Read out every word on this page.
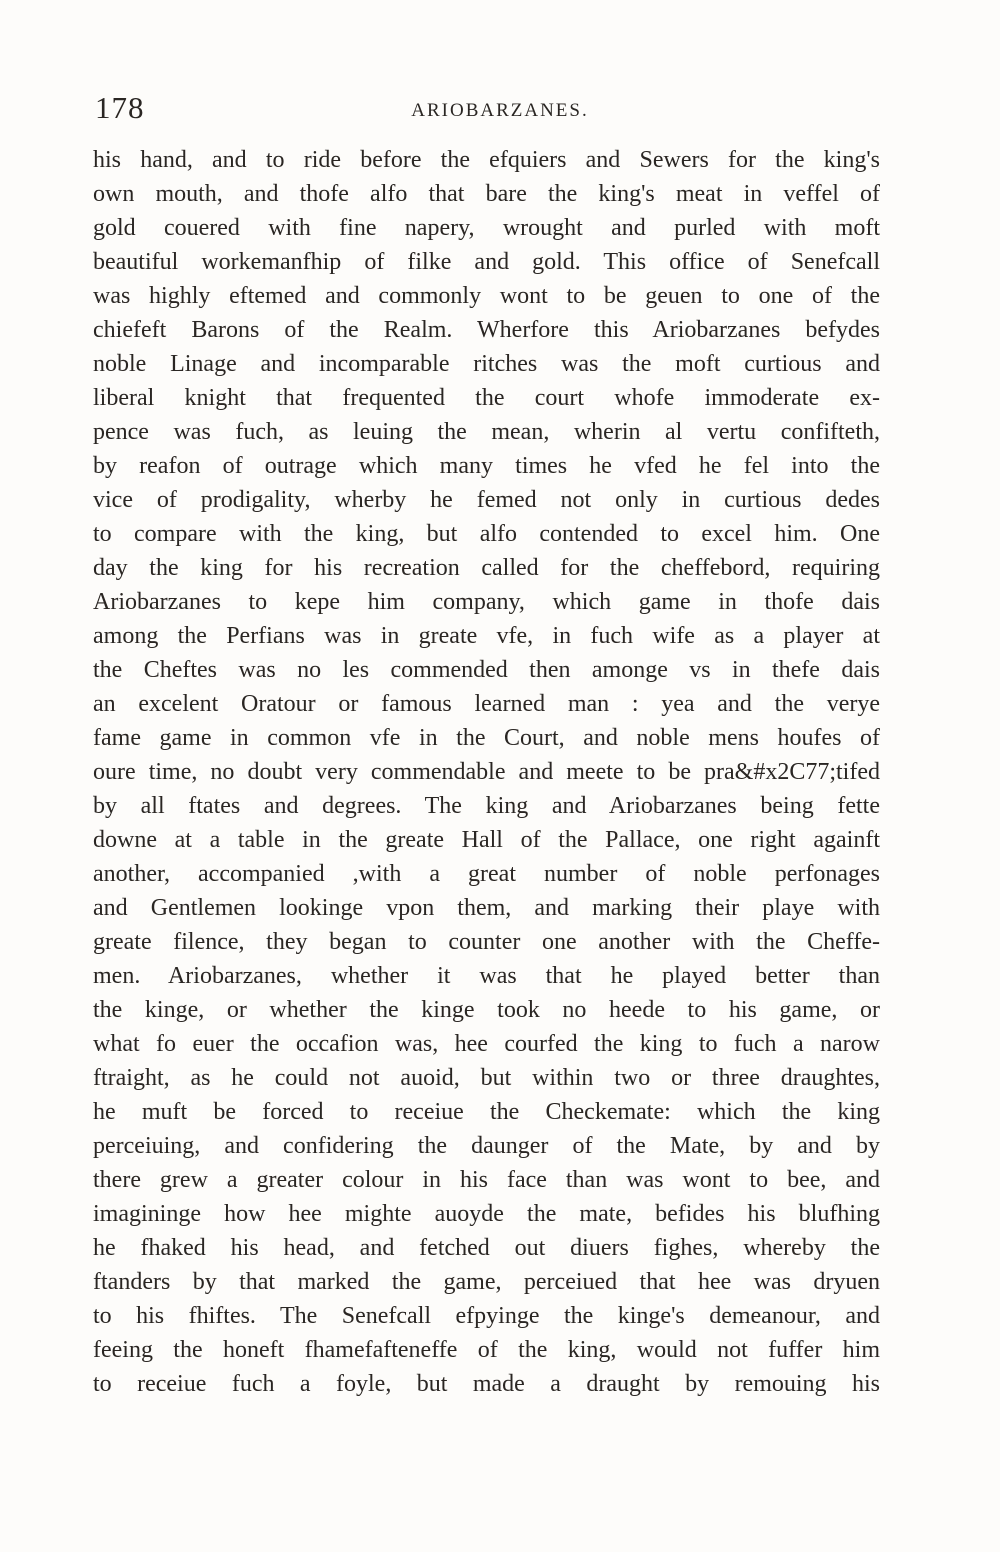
178	ARIOBARZANES.
his hand, and to ride before the efquiers and Sewers for the king's
own mouth, and thofe alfo that bare the king's meat in veffel of
gold couered with fine napery, wrought and purled with moft
beautiful workemanfhip of filke and gold. This office of Senefcall
was highly eftemed and commonly wont to be geuen to one of the
chiefeft Barons of the Realm. Wherfore this Ariobarzanes befydes
noble Linage and incomparable ritches was the moft curtious and
liberal knight that frequented the court whofe immoderate ex-
pence was fuch, as leuing the mean, wherin al vertu confifteth,
by reafon of outrage which many times he vfed he fel into the
vice of prodigality, wherby he femed not only in curtious dedes
to compare with the king, but alfo contended to excel him. One
day the king for his recreation called for the cheffebord, requiring
Ariobarzanes to kepe him company, which game in thofe dais
among the Perfians was in greate vfe, in fuch wife as a player at
the Cheftes was no les commended then amonge vs in thefe dais
an excelent Oratour or famous learned man : yea and the verye
fame game in common vfe in the Court, and noble mens houfes of
oure time, no doubt very commendable and meete to be pra&#x2C77;tifed
by all ftates and degrees. The king and Ariobarzanes being fette
downe at a table in the greate Hall of the Pallace, one right againft
another, accompanied ,with a great number of noble perfonages
and Gentlemen lookinge vpon them, and marking their playe with
greate filence, they began to counter one another with the Cheffe-
men. Ariobarzanes, whether it was that he played better than
the kinge, or whether the kinge took no heede to his game, or
what fo euer the occafion was, hee courfed the king to fuch a narow
ftraight, as he could not auoid, but within two or three draughtes,
he muft be forced to receiue the Checkemate: which the king
perceiuing, and confidering the daunger of the Mate, by and by
there grew a greater colour in his face than was wont to bee, and
imagininge how hee mighte auoyde the mate, befides his blufhing
he fhaked his head, and fetched out diuers fighes, whereby the
ftanders by that marked the game, perceiued that hee was dryuen
to his fhiftes. The Senefcall efpyinge the kinge's demeanour, and
feeing the honeft fhamefafteneffe of the king, would not fuffer him
to receiue fuch a foyle, but made a draught by remouing his
